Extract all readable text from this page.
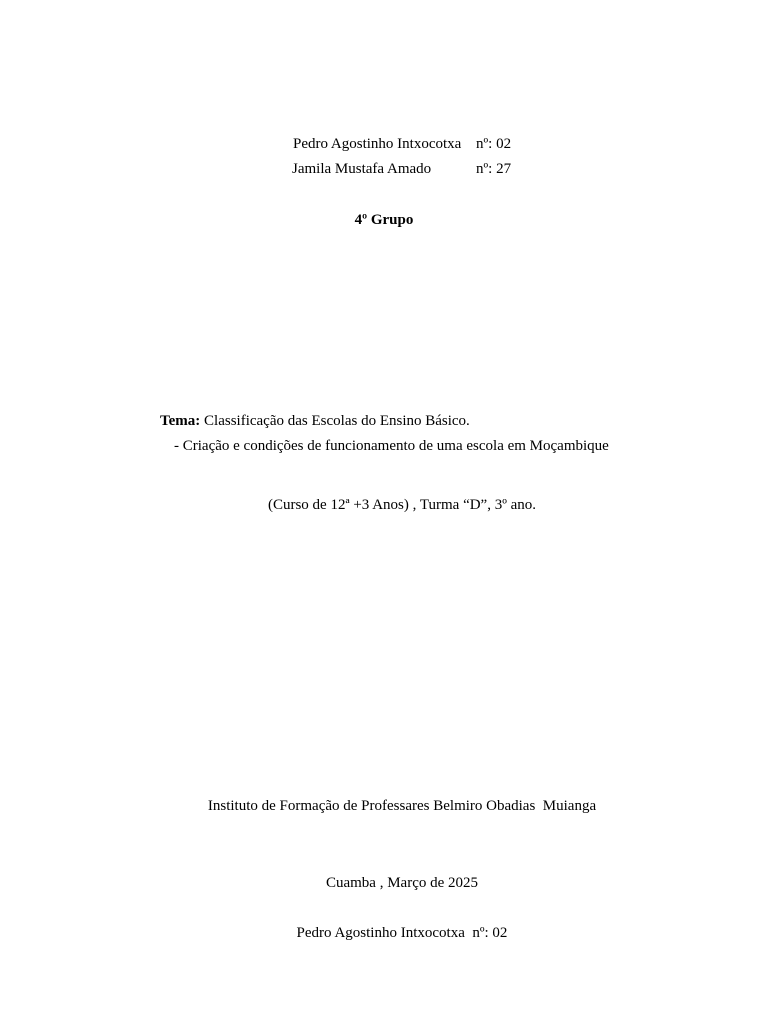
Pedro Agostinho Intxocotxa nº: 02
Jamila Mustafa Amado	nº: 27
4º Grupo
Tema: Classificação das Escolas do Ensino Básico.
- Criação e condições de funcionamento de uma escola em Moçambique
(Curso de 12ª +3 Anos) , Turma “D”, 3º ano.
Instituto de Formação de Professares Belmiro Obadias  Muianga
Cuamba , Março de 2025
Pedro Agostinho Intxocotxa  nº: 02
